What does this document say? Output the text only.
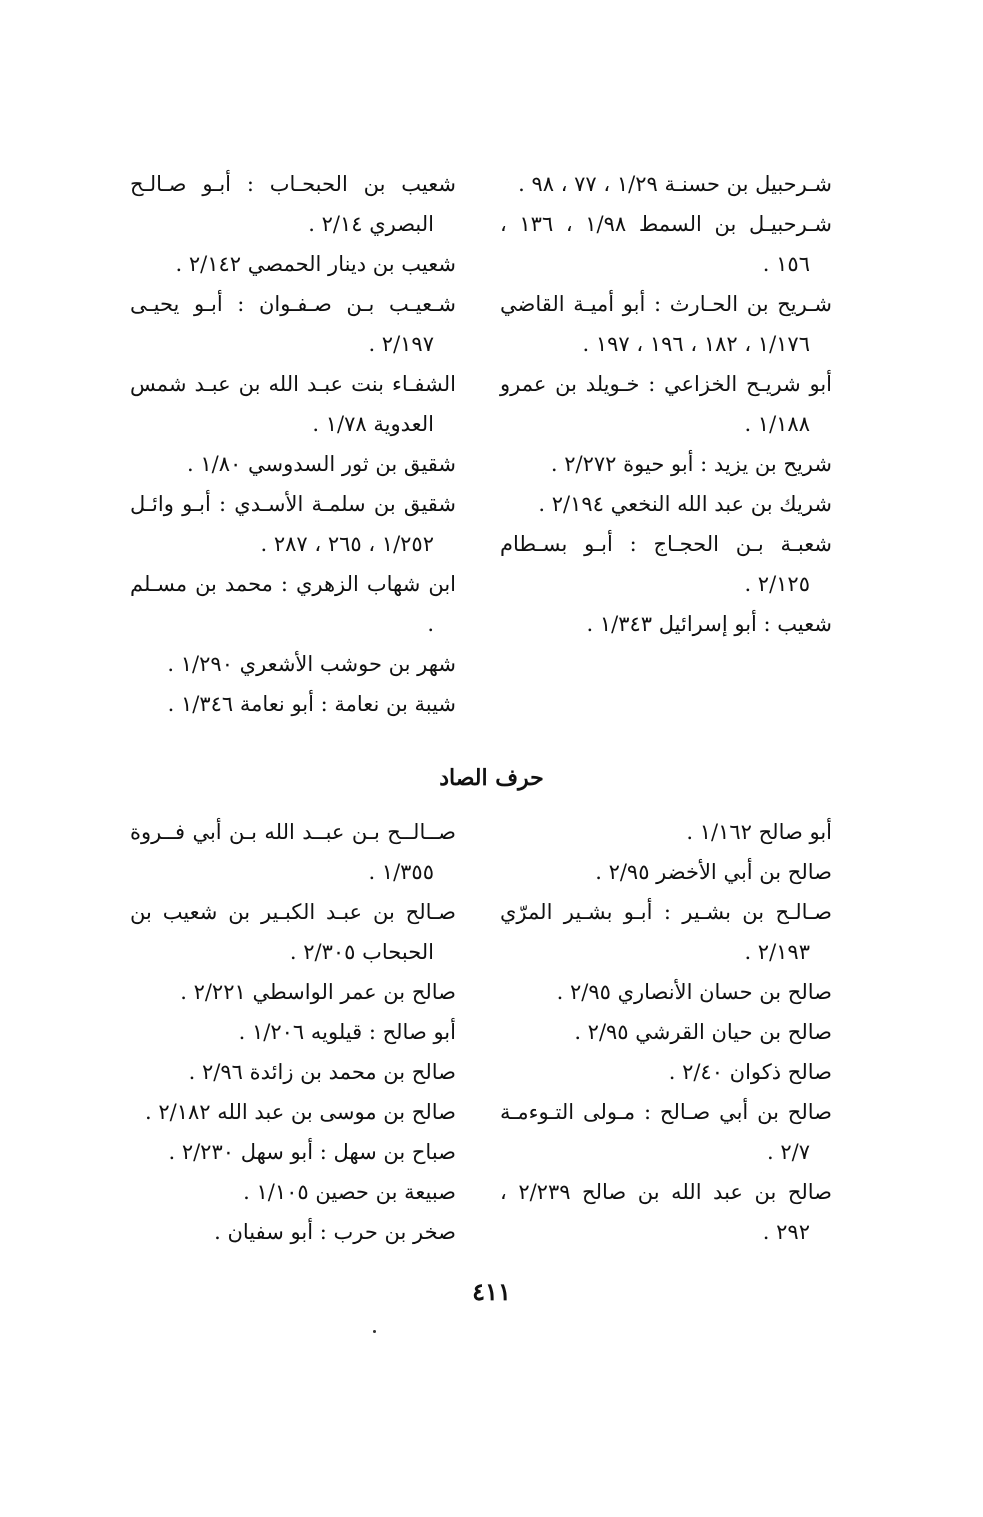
شـرحبيل بن حسنـة ١/٢٩ ، ٧٧ ، ٩٨ .

شـرحبيـل بن السمط ١/٩٨ ، ١٣٦ ، ١٥٦ .

شـريح بن الحـارث : أبو أميـة القاضي ١/١٧٦ ، ١٨٢ ، ١٩٦ ، ١٩٧ .

أبو شريـح الخزاعي : خـويلد بن عمرو ١/١٨٨ .

شريح بن يزيد : أبو حيوة ٢/٢٧٢ .

شريك بن عبد الله النخعي ٢/١٩٤ .

شعبـة بـن الحجـاج : أبـو بسـطام ٢/١٢٥ .

شعيب : أبو إسرائيل ١/٣٤٣ .

شعيب بن الحبحـاب : أبـو صـالـح البصري ٢/١٤ .

شعيب بن دينار الحمصي ٢/١٤٢ .

شـعيـب بـن صـفـوان : أبـو يحيـى ٢/١٩٧ .

الشفـاء بنت عبـد الله بن عبـد شمس العدوية ١/٧٨ .

شقيق بن ثور السدوسي ١/٨٠ .

شقيق بن سلمـة الأسـدي : أبـو وائـل ١/٢٥٢ ، ٢٦٥ ، ٢٨٧ .

ابن شهاب الزهري : محمد بن مسـلم .

شهر بن حوشب الأشعري ١/٢٩٠ .

شيبة بن نعامة : أبو نعامة ١/٣٤٦ .

حرف الصاد

أبو صالح ١/١٦٢ .

صالح بن أبي الأخضر ٢/٩٥ .

صـالـح بن بشـير : أبـو بشـير المرّي ٢/١٩٣ .

صالح بن حسان الأنصاري ٢/٩٥ .

صالح بن حيان القرشي ٢/٩٥ .

صالح ذكوان ٢/٤٠ .

صالح بن أبي صـالح : مـولى التـوءمـة ٢/٧ .

صالح بن عبد الله بن صالح ٢/٢٣٩ ، ٢٩٢ .

صــالــح بـن عبــد الله بـن أبي فــروة ١/٣٥٥ .

صـالح بن عبـد الكبـير بن شعيب بن الحبحاب ٢/٣٠٥ .

صالح بن عمر الواسطي ٢/٢٢١ .

أبو صالح : قيلويه ١/٢٠٦ .

صالح بن محمد بن زائدة ٢/٩٦ .

صالح بن موسى بن عبد الله ٢/١٨٢ .

صباح بن سهل : أبو سهل ٢/٢٣٠ .

صبيعة بن حصين ١/١٠٥ .

صخر بن حرب : أبو سفيان .

٤١١
